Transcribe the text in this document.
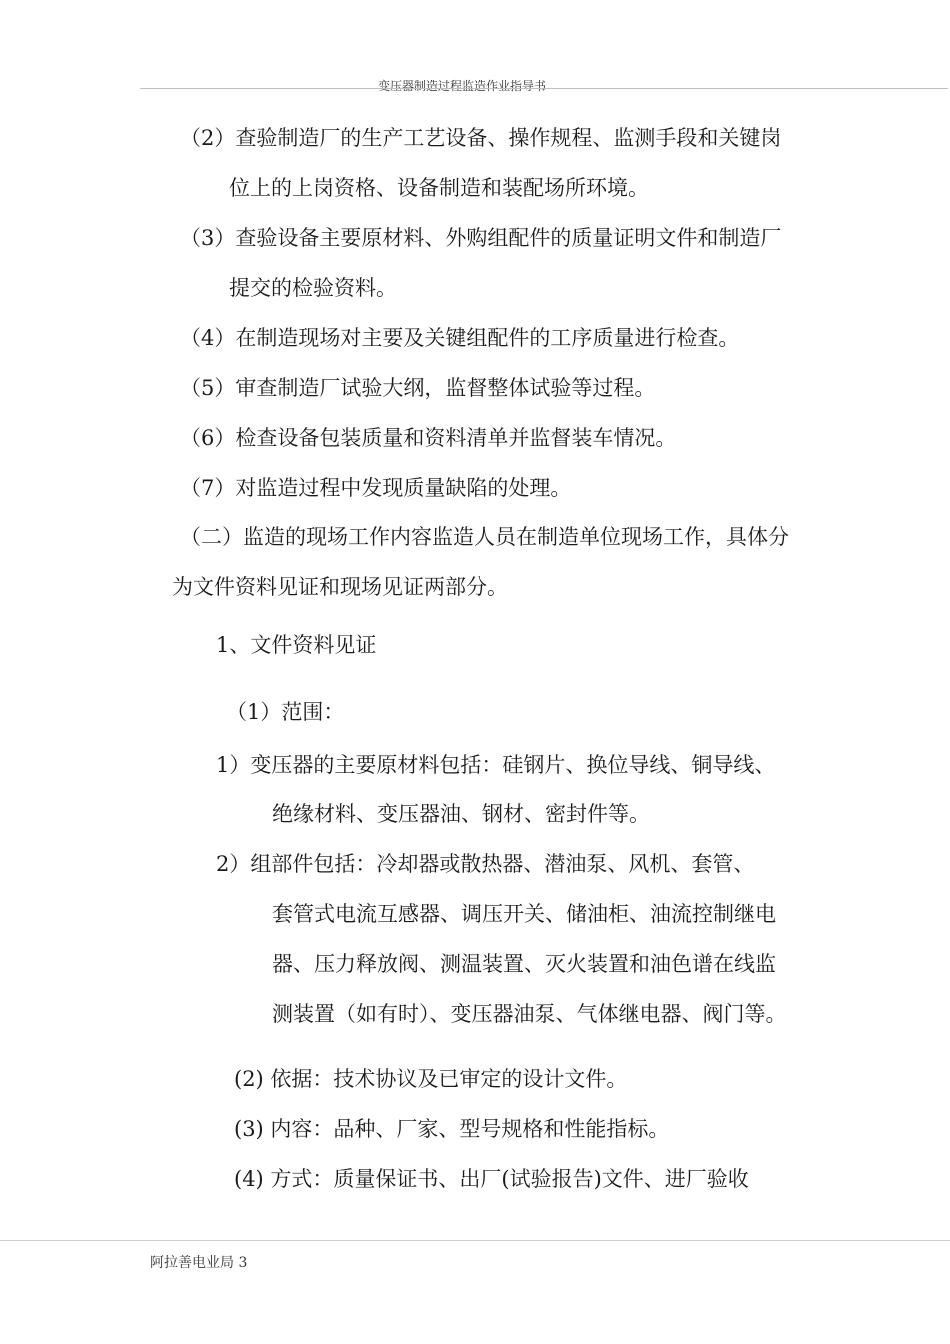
变压器制造过程监造作业指导书
（2）查验制造厂的生产工艺设备、操作规程、监测手段和关键岗
位上的上岗资格、设备制造和装配场所环境。
（3）查验设备主要原材料、外购组配件的质量证明文件和制造厂
提交的检验资料。
（4）在制造现场对主要及关键组配件的工序质量进行检查。
（5）审查制造厂试验大纲，监督整体试验等过程。
（6）检查设备包装质量和资料清单并监督装车情况。
（7）对监造过程中发现质量缺陷的处理。
（二）监造的现场工作内容监造人员在制造单位现场工作，具体分
为文件资料见证和现场见证两部分。
1、文件资料见证
（1）范围：
1）变压器的主要原材料包括：硅钢片、换位导线、铜导线、
绝缘材料、变压器油、钢材、密封件等。
2）组部件包括：冷却器或散热器、潜油泵、风机、套管、
套管式电流互感器、调压开关、储油柜、油流控制继电
器、压力释放阀、测温装置、灭火装置和油色谱在线监
测装置（如有时）、变压器油泵、气体继电器、阀门等。
(2) 依据：技术协议及已审定的设计文件。
(3) 内容：品种、厂家、型号规格和性能指标。
(4) 方式：质量保证书、出厂(试验报告)文件、进厂验收
阿拉善电业局 3
